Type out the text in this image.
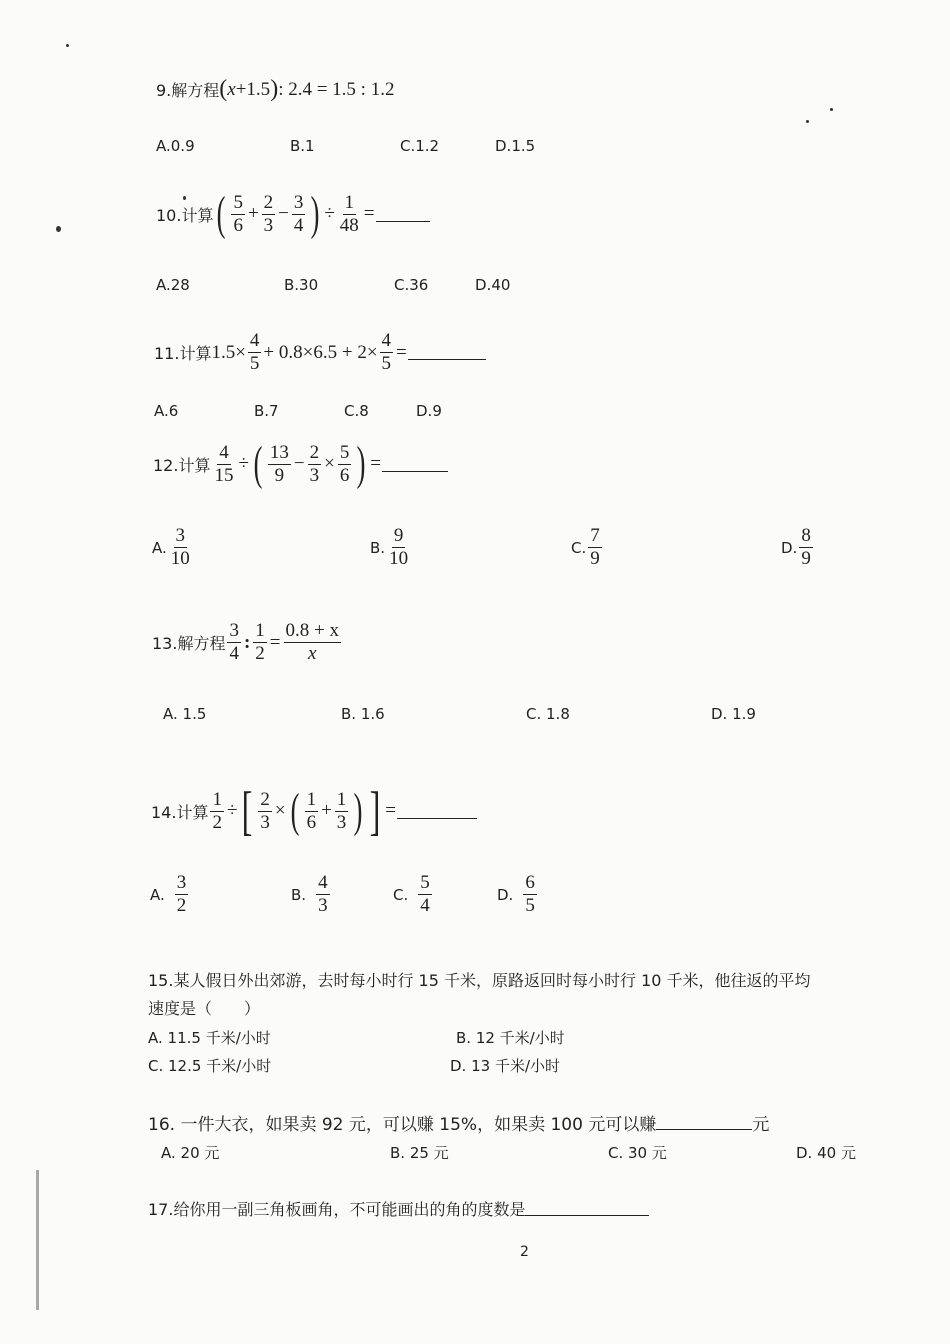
9.解方程 ( x +1.5 ) : 2.4 = 1.5 : 1.2
A.0.9	B.1	C.1.2	D.1.5
10.计算 ( $\frac{5}{6} + \frac{2}{3} - \frac{3}{4}$ ) ÷ $\frac{1}{48}$ =
A.28	B.30	C.36	D.40
11.计算 $1.5\times \frac{4}{5} + 0.8\times 6.5 + 2\times \frac{4}{5}$ =
A.6	B.7	C.8	D.9
12.计算 $\frac{4}{15}$ ÷ ( $\frac{13}{9} - \frac{2}{3} \times \frac{5}{6}$ ) =
A. $\frac{3}{10}$	B. $\frac{9}{10}$	C. $\frac{7}{9}$	D. $\frac{8}{9}$
13.解方程 $\frac{3}{4}$ : $\frac{1}{2} = \frac{0.8 + x}{x}$
A. 1.5	B. 1.6	C. 1.8	D. 1.9
14.计算 $\frac{1}{2}$ ÷ [ $\frac{2}{3}$ × ( $\frac{1}{6} + \frac{1}{3}$ ) ] =
A. $\frac{3}{2}$	B. $\frac{4}{3}$	C. $\frac{5}{4}$	D. $\frac{6}{5}$
15.某人假日外出郊游，去时每小时行 15 千米，原路返回时每小时行 10 千米，他往返的平均
速度是（　　）
A. 11.5 千米/小时	B. 12 千米/小时
C. 12.5 千米/小时	D. 13 千米/小时
16. 一件大衣，如果卖 92 元，可以赚 15%，如果卖 100 元可以赚	元
A. 20 元	B. 25 元	C. 30 元	D. 40 元
17.给你用一副三角板画角，不可能画出的角的度数是
2
